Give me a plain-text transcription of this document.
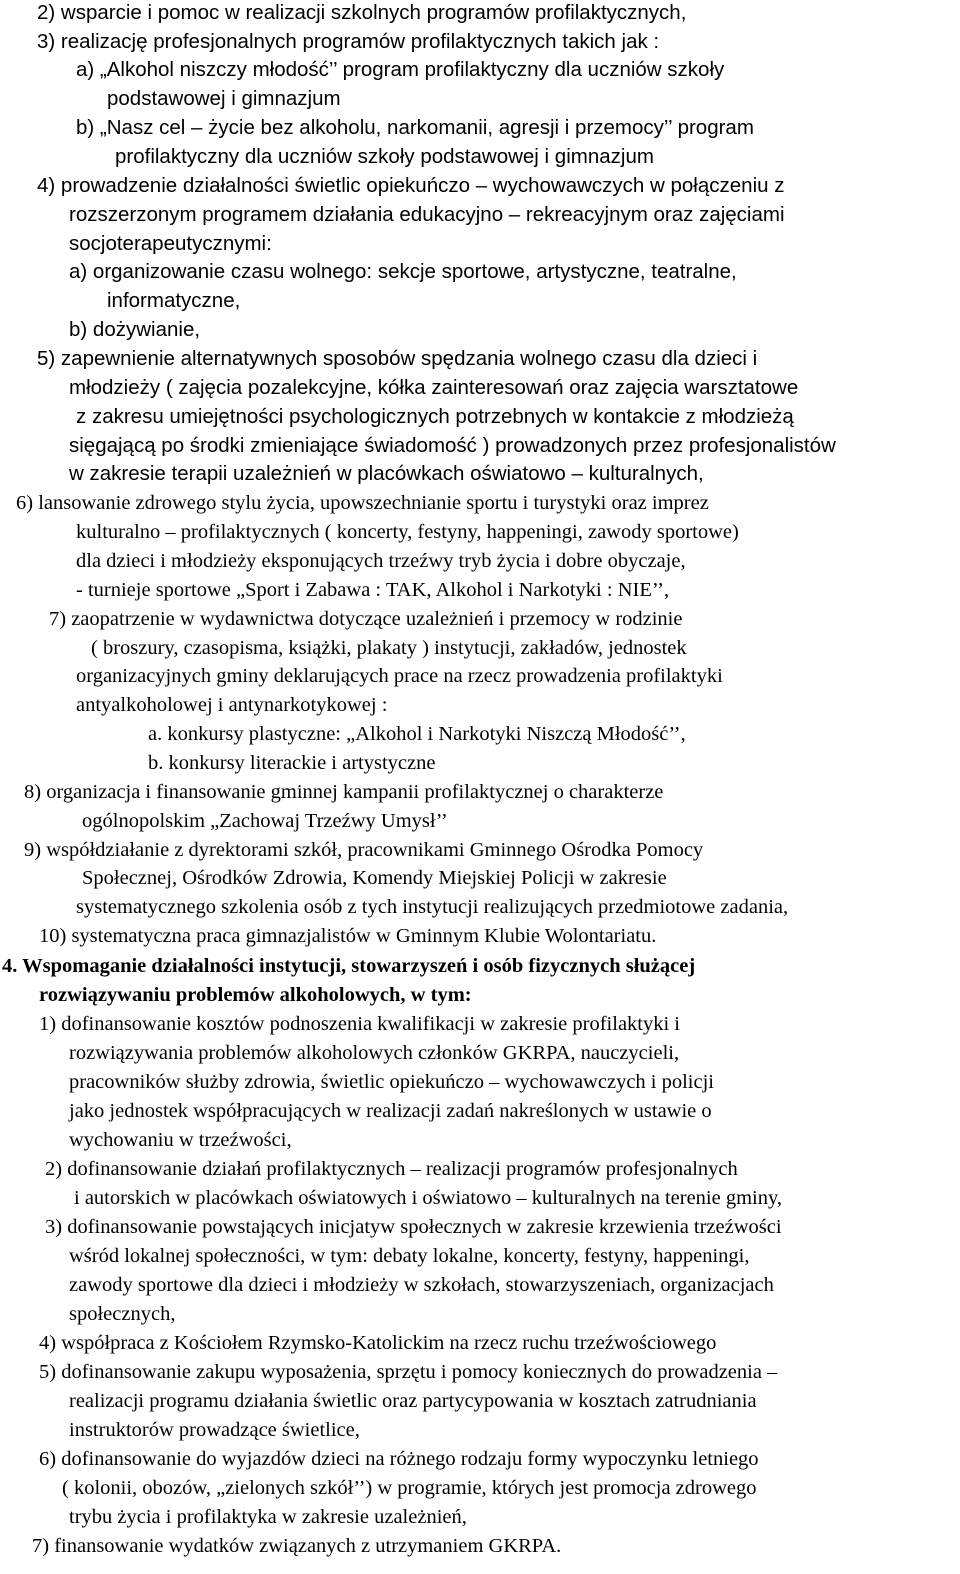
2) wsparcie i pomoc w realizacji szkolnych programów profilaktycznych,
3) realizację profesjonalnych programów profilaktycznych takich jak :
a) „Alkohol niszczy młodość’’ program profilaktyczny dla uczniów szkoły
podstawowej i gimnazjum
b) „Nasz cel – życie bez alkoholu, narkomanii, agresji i przemocy’’ program
profilaktyczny dla uczniów szkoły podstawowej i gimnazjum
4) prowadzenie działalności świetlic opiekuńczo – wychowawczych w połączeniu z
rozszerzonym programem działania edukacyjno – rekreacyjnym oraz zajęciami
socjoterapeutycznymi:
a) organizowanie czasu wolnego: sekcje sportowe, artystyczne, teatralne,
informatyczne,
b) dożywianie,
5) zapewnienie alternatywnych sposobów spędzania wolnego czasu dla dzieci i
młodzieży ( zajęcia pozalekcyjne, kółka zainteresowań oraz zajęcia warsztatowe
z zakresu umiejętności psychologicznych potrzebnych w kontakcie z młodzieżą
sięgającą po środki zmieniające świadomość ) prowadzonych przez profesjonalistów
w zakresie terapii uzależnień w placówkach oświatowo – kulturalnych,
6) lansowanie zdrowego stylu życia, upowszechnianie sportu i turystyki oraz imprez
kulturalno – profilaktycznych ( koncerty, festyny, happeningi, zawody sportowe)
dla dzieci i młodzieży eksponujących trzeźwy tryb życia i dobre obyczaje,
- turnieje sportowe „Sport i Zabawa : TAK, Alkohol i Narkotyki : NIE’’,
7) zaopatrzenie w wydawnictwa dotyczące uzależnień i przemocy w rodzinie
( broszury, czasopisma, książki, plakaty ) instytucji, zakładów, jednostek
organizacyjnych gminy deklarujących prace na rzecz prowadzenia profilaktyki
antyalkoholowej i antynarkotykowej :
a. konkursy plastyczne: „Alkohol i Narkotyki Niszczą Młodość’’,
b. konkursy literackie i artystyczne
8) organizacja i finansowanie gminnej kampanii profilaktycznej o charakterze
ogólnopolskim „Zachowaj Trzeźwy Umysł’’
9) współdziałanie z dyrektorami szkół, pracownikami Gminnego Ośrodka Pomocy
Społecznej, Ośrodków Zdrowia, Komendy Miejskiej Policji w zakresie
systematycznego szkolenia osób z tych instytucji realizujących przedmiotowe zadania,
10) systematyczna praca gimnazjalistów w Gminnym Klubie Wolontariatu.
4. Wspomaganie działalności instytucji, stowarzyszeń i osób fizycznych służącej
rozwiązywaniu problemów alkoholowych, w tym:
1) dofinansowanie kosztów podnoszenia kwalifikacji w zakresie profilaktyki i
rozwiązywania problemów alkoholowych członków GKRPA, nauczycieli,
pracowników służby zdrowia, świetlic opiekuńczo – wychowawczych i policji
jako jednostek współpracujących w realizacji zadań nakreślonych w ustawie o
wychowaniu w trzeźwości,
2) dofinansowanie działań profilaktycznych – realizacji programów profesjonalnych
i autorskich w placówkach oświatowych i oświatowo – kulturalnych na terenie gminy,
3) dofinansowanie powstających inicjatyw społecznych w zakresie krzewienia trzeźwości
wśród lokalnej społeczności, w tym: debaty lokalne, koncerty, festyny, happeningi,
zawody sportowe dla dzieci i młodzieży w szkołach, stowarzyszeniach, organizacjach
społecznych,
4) współpraca z Kościołem Rzymsko-Katolickim na rzecz ruchu trzeźwościowego
5) dofinansowanie zakupu wyposażenia, sprzętu i pomocy koniecznych do prowadzenia –
realizacji programu działania świetlic oraz partycypowania w kosztach zatrudniania
instruktorów prowadzące świetlice,
6) dofinansowanie do wyjazdów dzieci na różnego rodzaju formy wypoczynku letniego
( kolonii, obozów, „zielonych szkół’’) w programie, których jest promocja zdrowego
trybu życia i profilaktyka w zakresie uzależnień,
7) finansowanie wydatków związanych z utrzymaniem GKRPA.
